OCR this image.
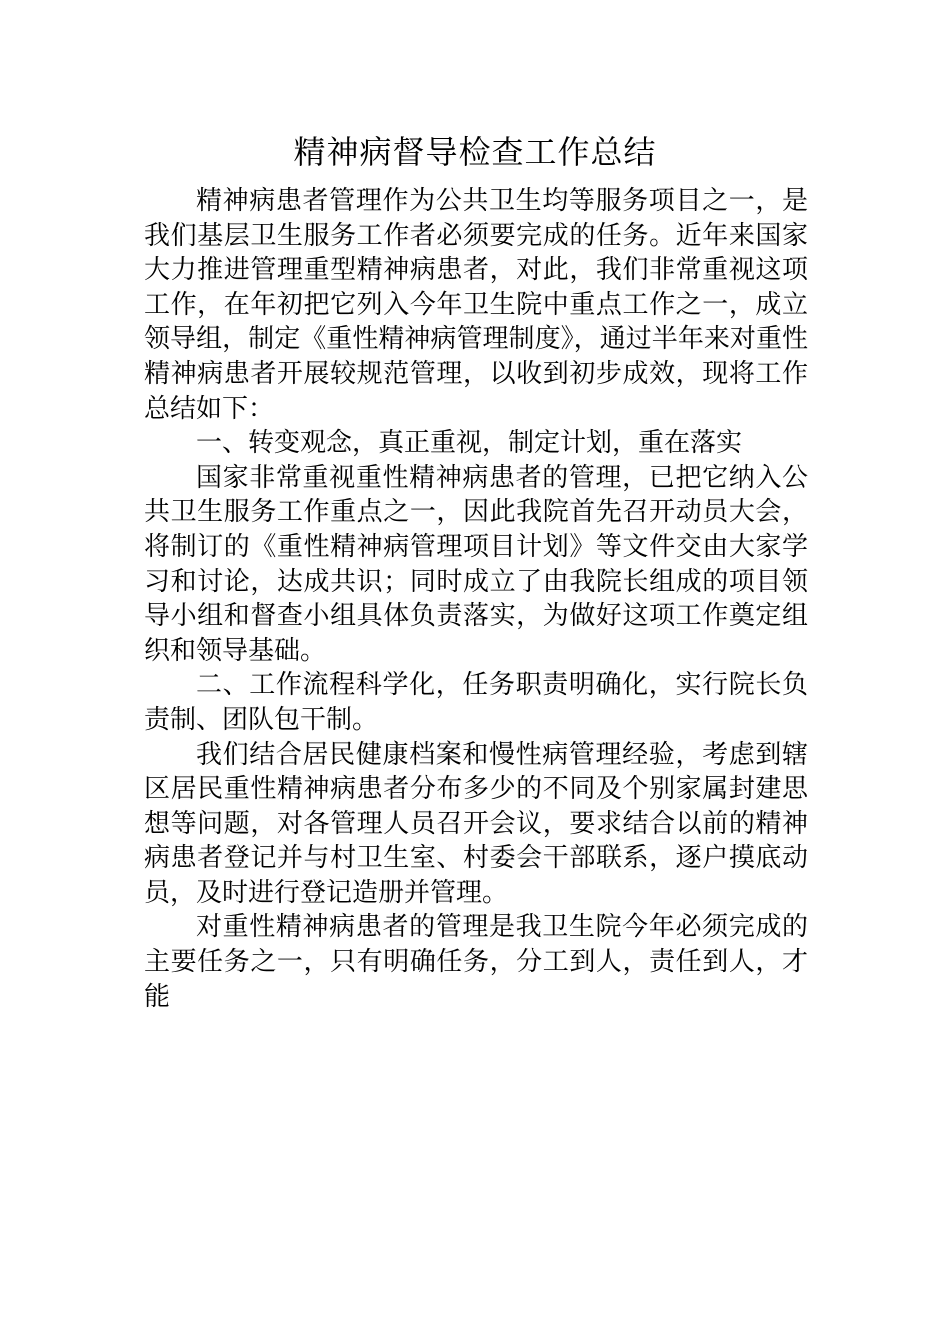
精神病督导检查工作总结

精神病患者管理作为公共卫生均等服务项目之一，是我们基层卫生服务工作者必须要完成的任务。近年来国家大力推进管理重型精神病患者，对此，我们非常重视这项工作，在年初把它列入今年卫生院中重点工作之一，成立领导组，制定《重性精神病管理制度》，通过半年来对重性精神病患者开展较规范管理，以收到初步成效，现将工作总结如下：

一、转变观念，真正重视，制定计划，重在落实

国家非常重视重性精神病患者的管理，已把它纳入公共卫生服务工作重点之一，因此我院首先召开动员大会，将制订的《重性精神病管理项目计划》等文件交由大家学习和讨论，达成共识；同时成立了由我院长组成的项目领导小组和督查小组具体负责落实，为做好这项工作奠定组织和领导基础。

二、工作流程科学化，任务职责明确化，实行院长负责制、团队包干制。

我们结合居民健康档案和慢性病管理经验，考虑到辖区居民重性精神病患者分布多少的不同及个别家属封建思想等问题，对各管理人员召开会议，要求结合以前的精神病患者登记并与村卫生室、村委会干部联系，逐户摸底动员，及时进行登记造册并管理。

对重性精神病患者的管理是我卫生院今年必须完成的主要任务之一，只有明确任务，分工到人，责任到人，才能
